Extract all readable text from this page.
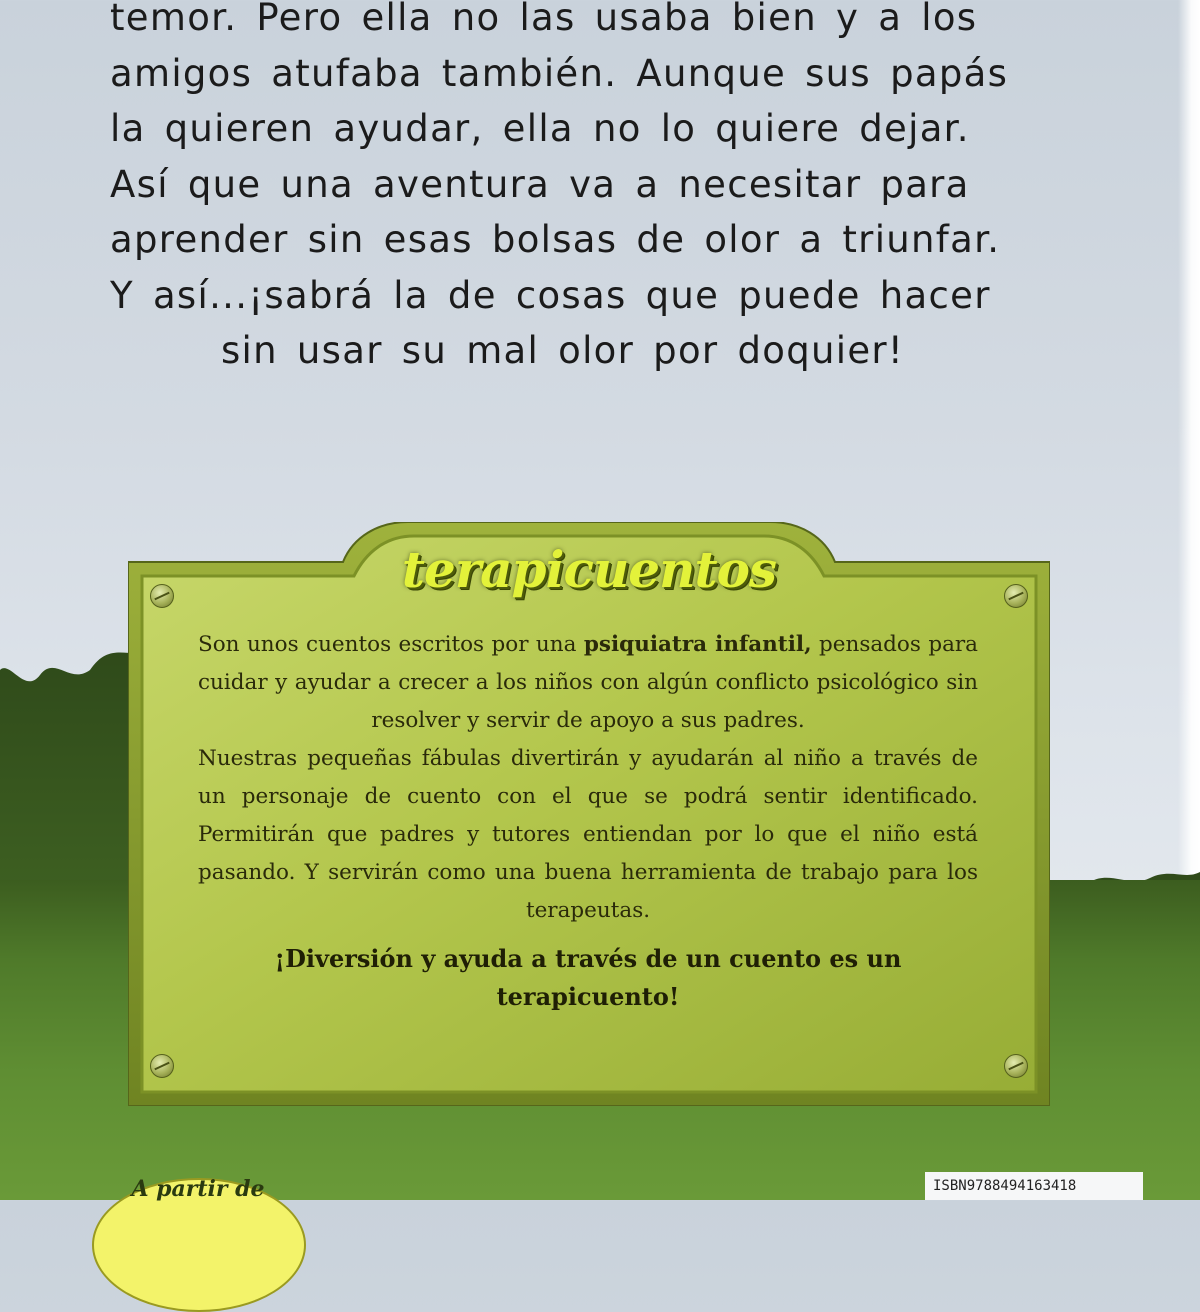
temor. Pero ella no las usaba bien y a los
amigos atufaba también. Aunque sus papás
la quieren ayudar, ella no lo quiere dejar.
Así que una aventura va a necesitar para
aprender sin esas bolsas de olor a triunfar.
Y así...¡sabrá la de cosas que puede hacer
sin usar su mal olor por doquier!
terapicuentos

Son unos cuentos escritos por una psiquiatra infantil, pensados para cuidar y ayudar a crecer a los niños con algún conflicto psicológico sin resolver y servir de apoyo a sus padres.

Nuestras pequeñas fábulas divertirán y ayudarán al niño a través de un personaje de cuento con el que se podrá sentir identificado. Permitirán que padres y tutores entiendan por lo que el niño está pasando. Y servirán como una buena herramienta de trabajo para los terapeutas.

¡Diversión y ayuda a través de un cuento es un
terapicuento!

A partir de	ISBN9788494163418
